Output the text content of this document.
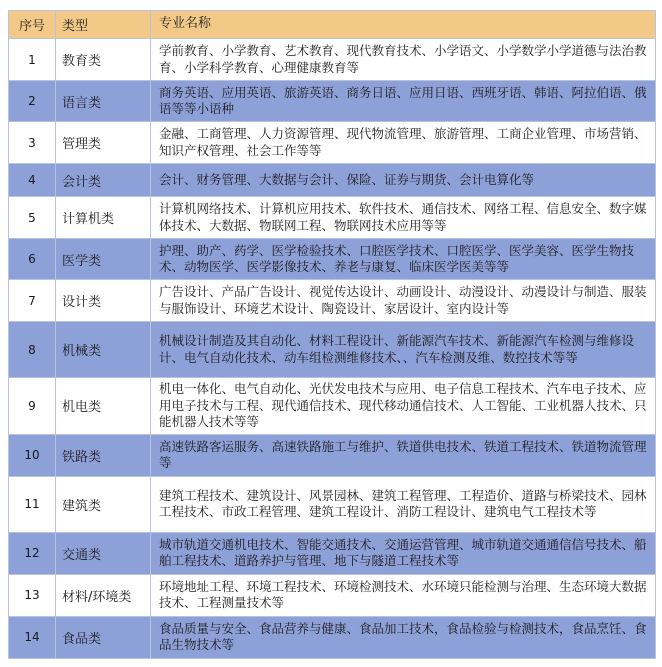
序号	类型	专业名称
1	教育类	学前教育、小学教育、艺术教育、现代教育技术、小学语文、小学数学小学道德与法治教育、小学科学教育、心理健康教育等
2	语言类	商务英语、应用英语、旅游英语、商务日语、应用日语、西班牙语、韩语、阿拉伯语、俄语等等小语种
3	管理类	金融、工商管理、人力资源管理、现代物流管理、旅游管理、工商企业管理、市场营销、知识产权管理、社会工作等等
4	会计类	会计、财务管理、大数据与会计、保险、证券与期货、会计电算化等
5	计算机类	计算机网络技术、计算机应用技术、软件技术、通信技术、网络工程、信息安全、数字媒体技术、大数据、物联网工程、物联网技术应用等等
6	医学类	护理、助产、药学、医学检验技术、口腔医学技术、口腔医学、医学美容、医学生物技术、动物医学、医学影像技术、养老与康复、临床医学医美等等
7	设计类	广告设计、产品广告设计、视觉传达设计、动画设计、动漫设计、动漫设计与制造、服装与服饰设计、环境艺术设计、陶瓷设计、家居设计、室内设计等
8	机械类	机械设计制造及其自动化、材料工程设计、新能源汽车技术、新能源汽车检测与维修设计、电气自动化技术、动车组检测维修技术、、汽车检测及维、数控技术等等
9	机电类	机电一体化、电气自动化、光伏发电技术与应用、电子信息工程技术、汽车电子技术、应用电子技术与工程、现代通信技术、现代移动通信技术、人工智能、工业机器人技术、只能机器人技术等等
10	铁路类	高速铁路客运服务、高速铁路施工与维护、铁道供电技术、铁道工程技术、铁道物流管理等
11	建筑类	建筑工程技术、建筑设计、风景园林、建筑工程管理、工程造价、道路与桥梁技术、园林工程技术、市政工程管理、建筑工程设计、消防工程设计、建筑电气工程技术等
12	交通类	城市轨道交通机电技术、智能交通技术、交通运营管理、城市轨道交通通信信号技术、船舶工程技术、道路养护与管理、地下与隧道工程技术等
13	材料/环境类	环境地址工程、环境工程技术、环境检测技术、水环境只能检测与治理、生态环境大数据技术、工程测量技术等
14	食品类	食品质量与安全、食品营养与健康、食品加工技术，食品检验与检测技术，食品烹饪、食品生物技术等
